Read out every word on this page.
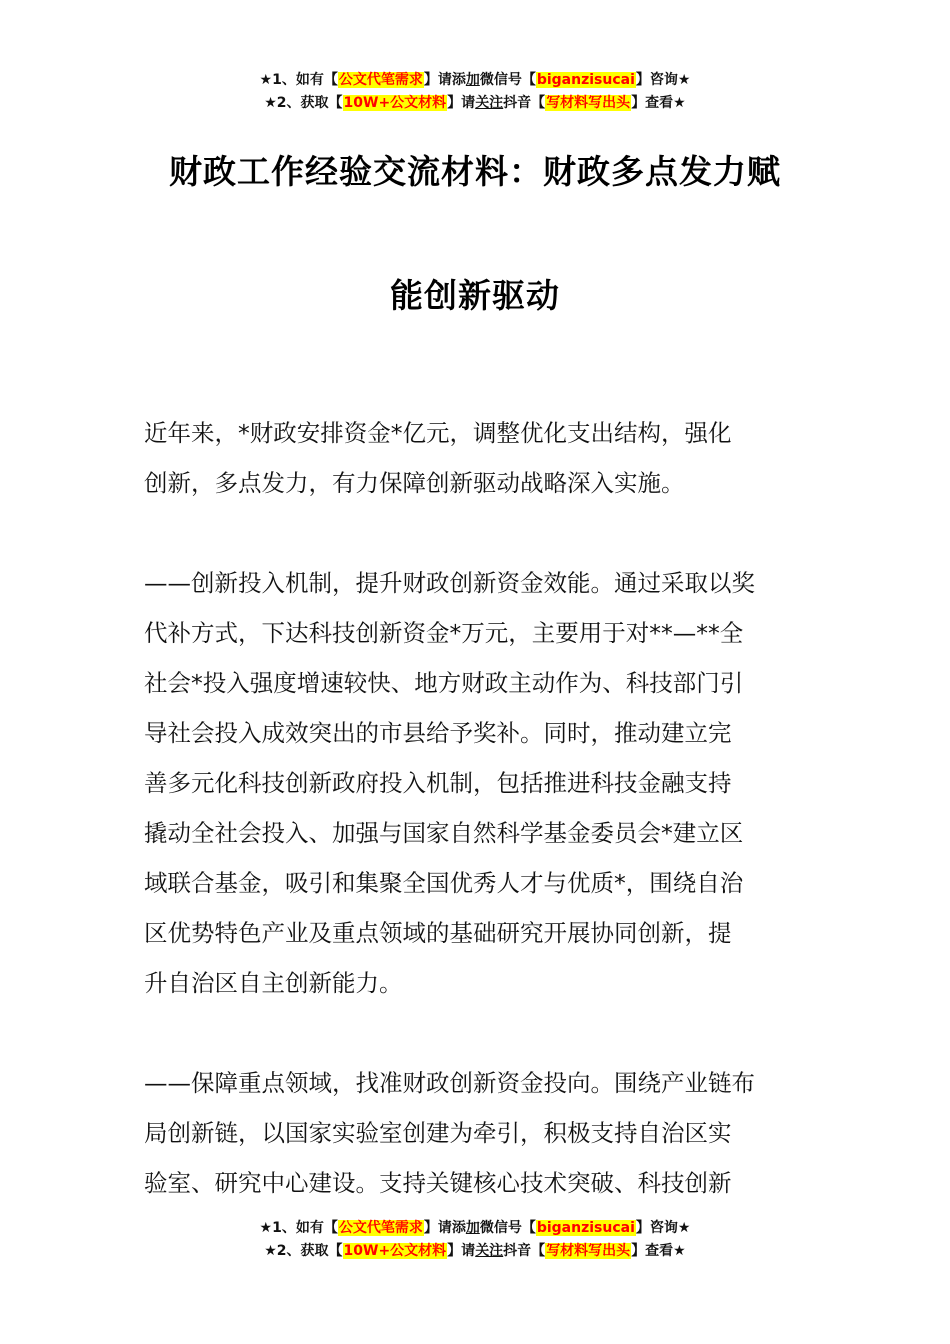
★1、如有【公文代笔需求】请添加微信号【biganzisucai】咨询★
★2、获取【10W+公文材料】请关注抖音【写材料写出头】查看★
财政工作经验交流材料：财政多点发力赋
能创新驱动

近年来，*财政安排资金*亿元，调整优化支出结构，强化
创新，多点发力，有力保障创新驱动战略深入实施。

——创新投入机制，提升财政创新资金效能。通过采取以奖
代补方式，下达科技创新资金*万元，主要用于对**—**全
社会*投入强度增速较快、地方财政主动作为、科技部门引
导社会投入成效突出的市县给予奖补。同时，推动建立完
善多元化科技创新政府投入机制，包括推进科技金融支持
撬动全社会投入、加强与国家自然科学基金委员会*建立区
域联合基金，吸引和集聚全国优秀人才与优质*，围绕自治
区优势特色产业及重点领域的基础研究开展协同创新，提
升自治区自主创新能力。

——保障重点领域，找准财政创新资金投向。围绕产业链布
局创新链，以国家实验室创建为牵引，积极支持自治区实
验室、研究中心建设。支持关键核心技术突破、科技创新

★1、如有【公文代笔需求】请添加微信号【biganzisucai】咨询★
★2、获取【10W+公文材料】请关注抖音【写材料写出头】查看★
